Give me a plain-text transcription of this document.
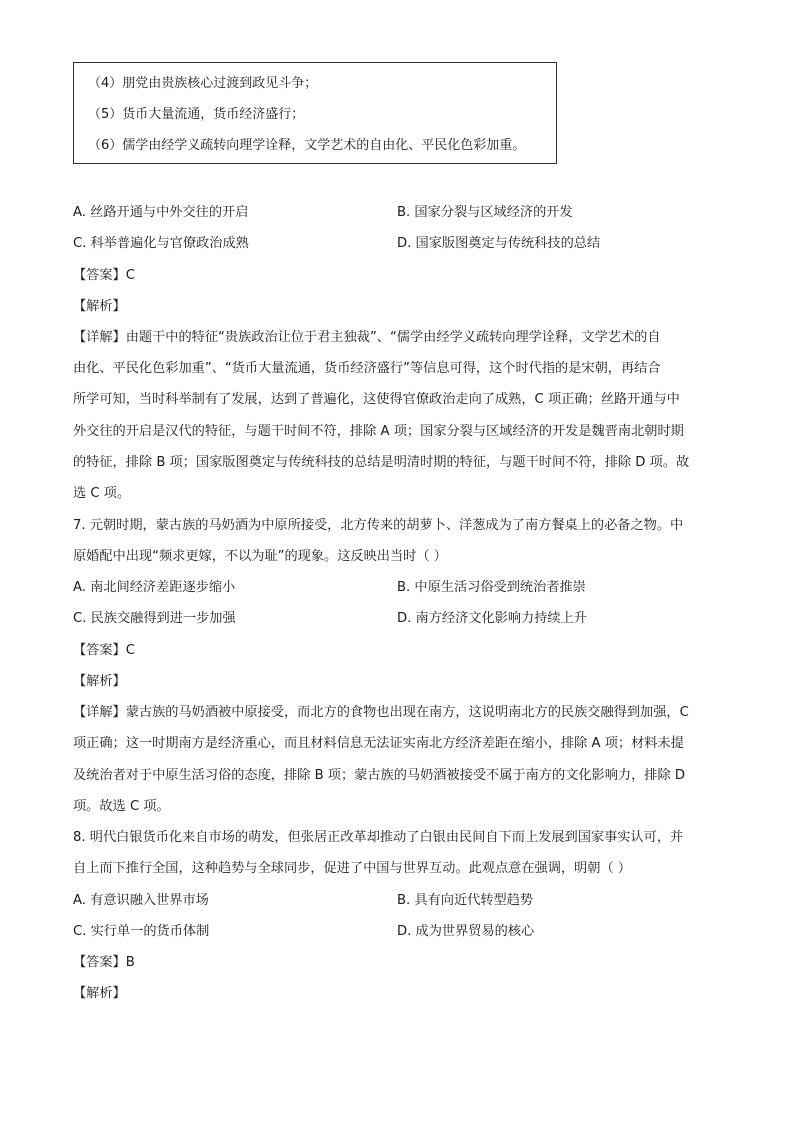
（4）朋党由贵族核心过渡到政见斗争；
（5）货币大量流通，货币经济盛行；
（6）儒学由经学义疏转向理学诠释，文学艺术的自由化、平民化色彩加重。
A. 丝路开通与中外交往的开启	B. 国家分裂与区域经济的开发
C. 科举普遍化与官僚政治成熟	D. 国家版图奠定与传统科技的总结
【答案】C
【解析】
【详解】由题干中的特征“贵族政治让位于君主独裁”、“儒学由经学义疏转向理学诠释，文学艺术的自
由化、平民化色彩加重”、“货币大量流通，货币经济盛行”等信息可得，这个时代指的是宋朝，再结合
所学可知，当时科举制有了发展，达到了普遍化，这使得官僚政治走向了成熟，C 项正确；丝路开通与中
外交往的开启是汉代的特征，与题干时间不符，排除 A 项；国家分裂与区域经济的开发是魏晋南北朝时期
的特征，排除 B 项；国家版图奠定与传统科技的总结是明清时期的特征，与题干时间不符，排除 D 项。故
选 C 项。
7. 元朝时期，蒙古族的马奶酒为中原所接受，北方传来的胡萝卜、洋葱成为了南方餐桌上的必备之物。中
原婚配中出现“频求更嫁，不以为耻”的现象。这反映出当时（ ）
A. 南北间经济差距逐步缩小	B. 中原生活习俗受到统治者推崇
C. 民族交融得到进一步加强	D. 南方经济文化影响力持续上升
【答案】C
【解析】
【详解】蒙古族的马奶酒被中原接受，而北方的食物也出现在南方，这说明南北方的民族交融得到加强，C
项正确；这一时期南方是经济重心，而且材料信息无法证实南北方经济差距在缩小，排除 A 项；材料未提
及统治者对于中原生活习俗的态度，排除 B 项；蒙古族的马奶酒被接受不属于南方的文化影响力，排除 D
项。故选 C 项。
8. 明代白银货币化来自市场的萌发，但张居正改革却推动了白银由民间自下而上发展到国家事实认可，并
自上而下推行全国，这种趋势与全球同步，促进了中国与世界互动。此观点意在强调，明朝（ ）
A. 有意识融入世界市场	B. 具有向近代转型趋势
C. 实行单一的货币体制	D. 成为世界贸易的核心
【答案】B
【解析】
